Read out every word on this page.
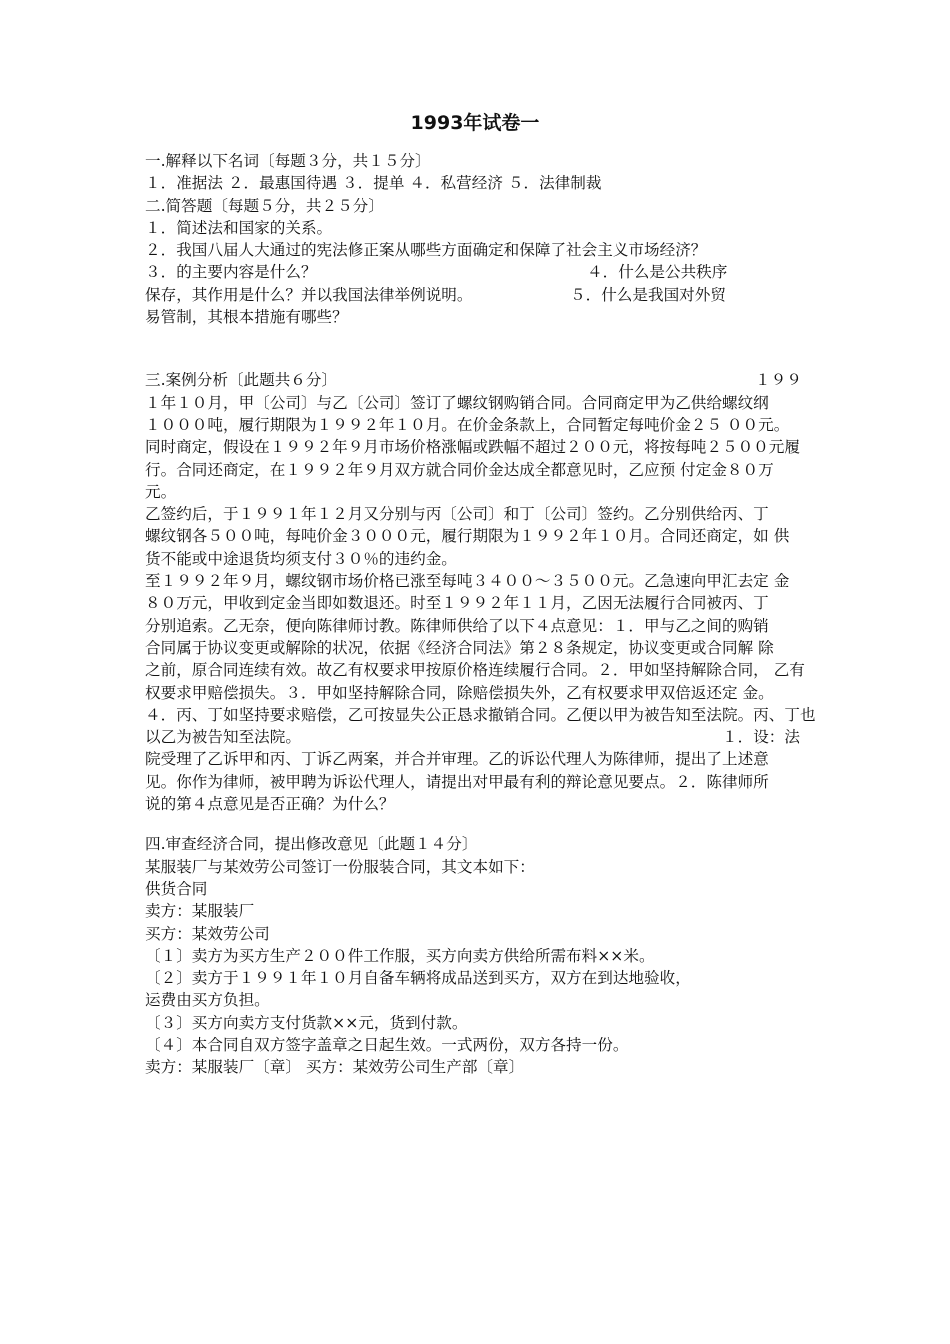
1993年试卷一
一.解释以下名词〔每题３分，共１５分〕
１．准据法 ２．最惠国待遇 ３．提单 ４．私营经济 ５．法律制裁
二.简答题〔每题５分，共２５分〕
１．简述法和国家的关系。
２．我国八届人大通过的宪法修正案从哪些方面确定和保障了社会主义市场经济？
３．的主要内容是什么？	４．什么是公共秩序
保存，其作用是什么？并以我国法律举例说明。	５．什么是我国对外贸
易管制，其根本措施有哪些？
三.案例分析〔此题共６分〕	１９９
１年１０月，甲〔公司〕与乙〔公司〕签订了螺纹钢购销合同。合同商定甲为乙供给螺纹纲
１０００吨，履行期限为１９９２年１０月。在价金条款上，合同暂定每吨价金２５ ００元。
同时商定，假设在１９９２年９月市场价格涨幅或跌幅不超过２００元，将按每吨２５００元履
行。合同还商定，在１９９２年９月双方就合同价金达成全都意见时，乙应预 付定金８０万
元。
乙签约后，于１９９１年１２月又分别与丙〔公司〕和丁〔公司〕签约。乙分别供给丙、丁
螺纹钢各５００吨，每吨价金３０００元，履行期限为１９９２年１０月。合同还商定，如 供
货不能或中途退货均须支付３０％的违约金。
至１９９２年９月，螺纹钢市场价格已涨至每吨３４００～３５００元。乙急速向甲汇去定 金
８０万元，甲收到定金当即如数退还。时至１９９２年１１月，乙因无法履行合同被丙、丁
分别追索。乙无奈，便向陈律师讨教。陈律师供给了以下４点意见：１．甲与乙之间的购销
合同属于协议变更或解除的状况，依据《经济合同法》第２８条规定，协议变更或合同解 除
之前，原合同连续有效。故乙有权要求甲按原价格连续履行合同。２．甲如坚持解除合同， 乙有
权要求甲赔偿损失。３．甲如坚持解除合同，除赔偿损失外，乙有权要求甲双倍返还定 金。
４．丙、丁如坚持要求赔偿，乙可按显失公正恳求撤销合同。乙便以甲为被告知至法院。丙、丁也
以乙为被告知至法院。	１．设：法
院受理了乙诉甲和丙、丁诉乙两案，并合并审理。乙的诉讼代理人为陈律师，提出了上述意
见。你作为律师，被甲聘为诉讼代理人，请提出对甲最有利的辩论意见要点。２．陈律师所
说的第４点意见是否正确？为什么？
四.审查经济合同，提出修改意见〔此题１４分〕
某服装厂与某效劳公司签订一份服装合同，其文本如下：
供货合同
卖方：某服装厂
买方：某效劳公司
〔１〕卖方为买方生产２００件工作服，买方向卖方供给所需布料××米。
〔２〕卖方于１９９１年１０月自备车辆将成品送到买方，双方在到达地验收，
运费由买方负担。
〔３〕买方向卖方支付货款××元，货到付款。
〔４〕本合同自双方签字盖章之日起生效。一式两份，双方各持一份。
卖方：某服装厂〔章〕 买方：某效劳公司生产部〔章〕
